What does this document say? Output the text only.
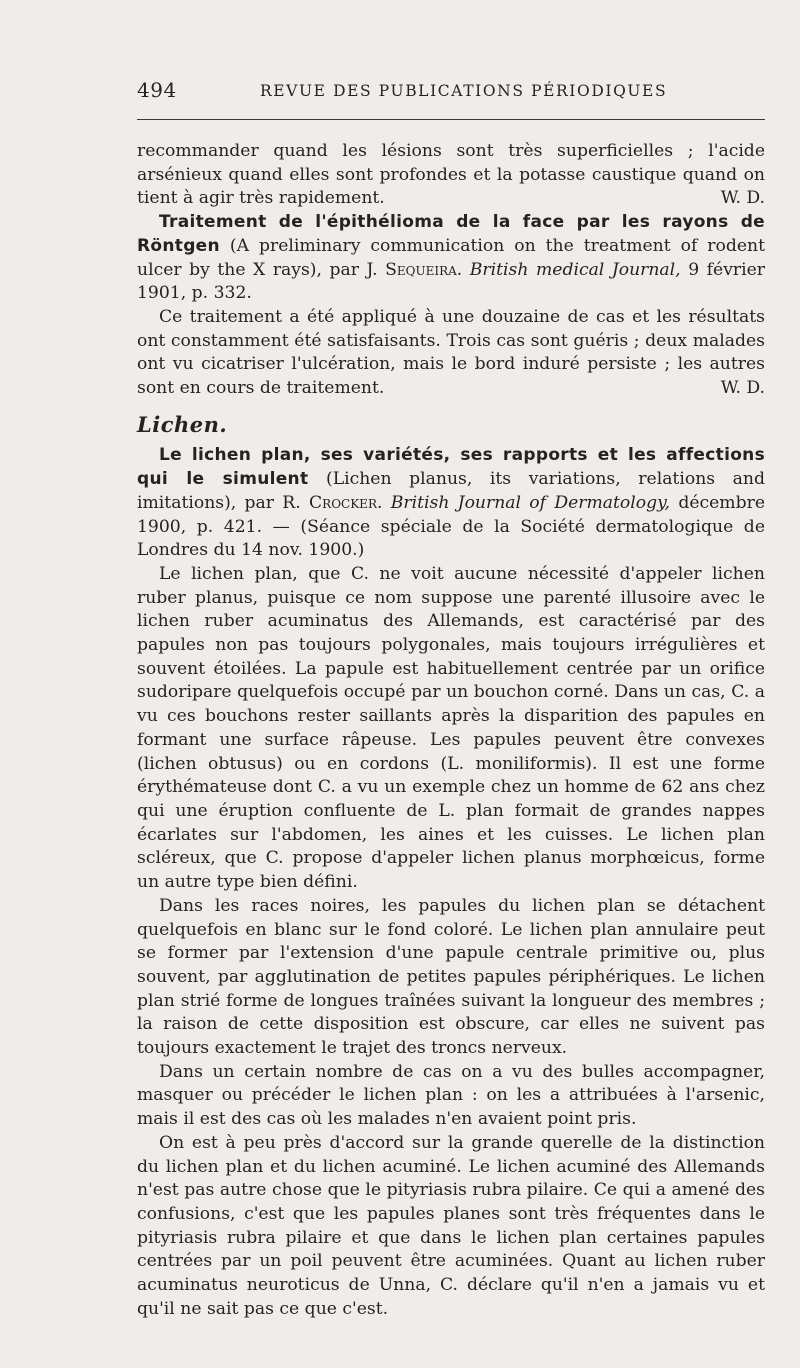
494	REVUE DES PUBLICATIONS PÉRIODIQUES

recommander quand les lésions sont très superficielles ; l'acide arsénieux quand elles sont profondes et la potasse caustique quand on tient à agir très rapidement.	W. D.

Traitement de l'épithélioma de la face par les rayons de Röntgen (A preliminary communication on the treatment of rodent ulcer by the X rays), par J. Sequeira. British medical Journal, 9 février 1901, p. 332.

Ce traitement a été appliqué à une douzaine de cas et les résultats ont constamment été satisfaisants. Trois cas sont guéris ; deux malades ont vu cicatriser l'ulcération, mais le bord induré persiste ; les autres sont en cours de traitement.	W. D.

Lichen.

Le lichen plan, ses variétés, ses rapports et les affections qui le simulent (Lichen planus, its variations, relations and imitations), par R. Crocker. British Journal of Dermatology, décembre 1900, p. 421. — (Séance spéciale de la Société dermatologique de Londres du 14 nov. 1900.)

Le lichen plan, que C. ne voit aucune nécessité d'appeler lichen ruber planus, puisque ce nom suppose une parenté illusoire avec le lichen ruber acuminatus des Allemands, est caractérisé par des papules non pas toujours polygonales, mais toujours irrégulières et souvent étoilées. La papule est habituellement centrée par un orifice sudoripare quelquefois occupé par un bouchon corné. Dans un cas, C. a vu ces bouchons rester saillants après la disparition des papules en formant une surface râpeuse. Les papules peuvent être convexes (lichen obtusus) ou en cordons (L. moniliformis). Il est une forme érythémateuse dont C. a vu un exemple chez un homme de 62 ans chez qui une éruption confluente de L. plan formait de grandes nappes écarlates sur l'abdomen, les aines et les cuisses. Le lichen plan scléreux, que C. propose d'appeler lichen planus morphœicus, forme un autre type bien défini.

Dans les races noires, les papules du lichen plan se détachent quelquefois en blanc sur le fond coloré. Le lichen plan annulaire peut se former par l'extension d'une papule centrale primitive ou, plus souvent, par agglutination de petites papules périphériques. Le lichen plan strié forme de longues traînées suivant la longueur des membres ; la raison de cette disposition est obscure, car elles ne suivent pas toujours exactement le trajet des troncs nerveux.

Dans un certain nombre de cas on a vu des bulles accompagner, masquer ou précéder le lichen plan : on les a attribuées à l'arsenic, mais il est des cas où les malades n'en avaient point pris.

On est à peu près d'accord sur la grande querelle de la distinction du lichen plan et du lichen acuminé. Le lichen acuminé des Allemands n'est pas autre chose que le pityriasis rubra pilaire. Ce qui a amené des confusions, c'est que les papules planes sont très fréquentes dans le pityriasis rubra pilaire et que dans le lichen plan certaines papules centrées par un poil peuvent être acuminées. Quant au lichen ruber acuminatus neuroticus de Unna, C. déclare qu'il n'en a jamais vu et qu'il ne sait pas ce que c'est.
